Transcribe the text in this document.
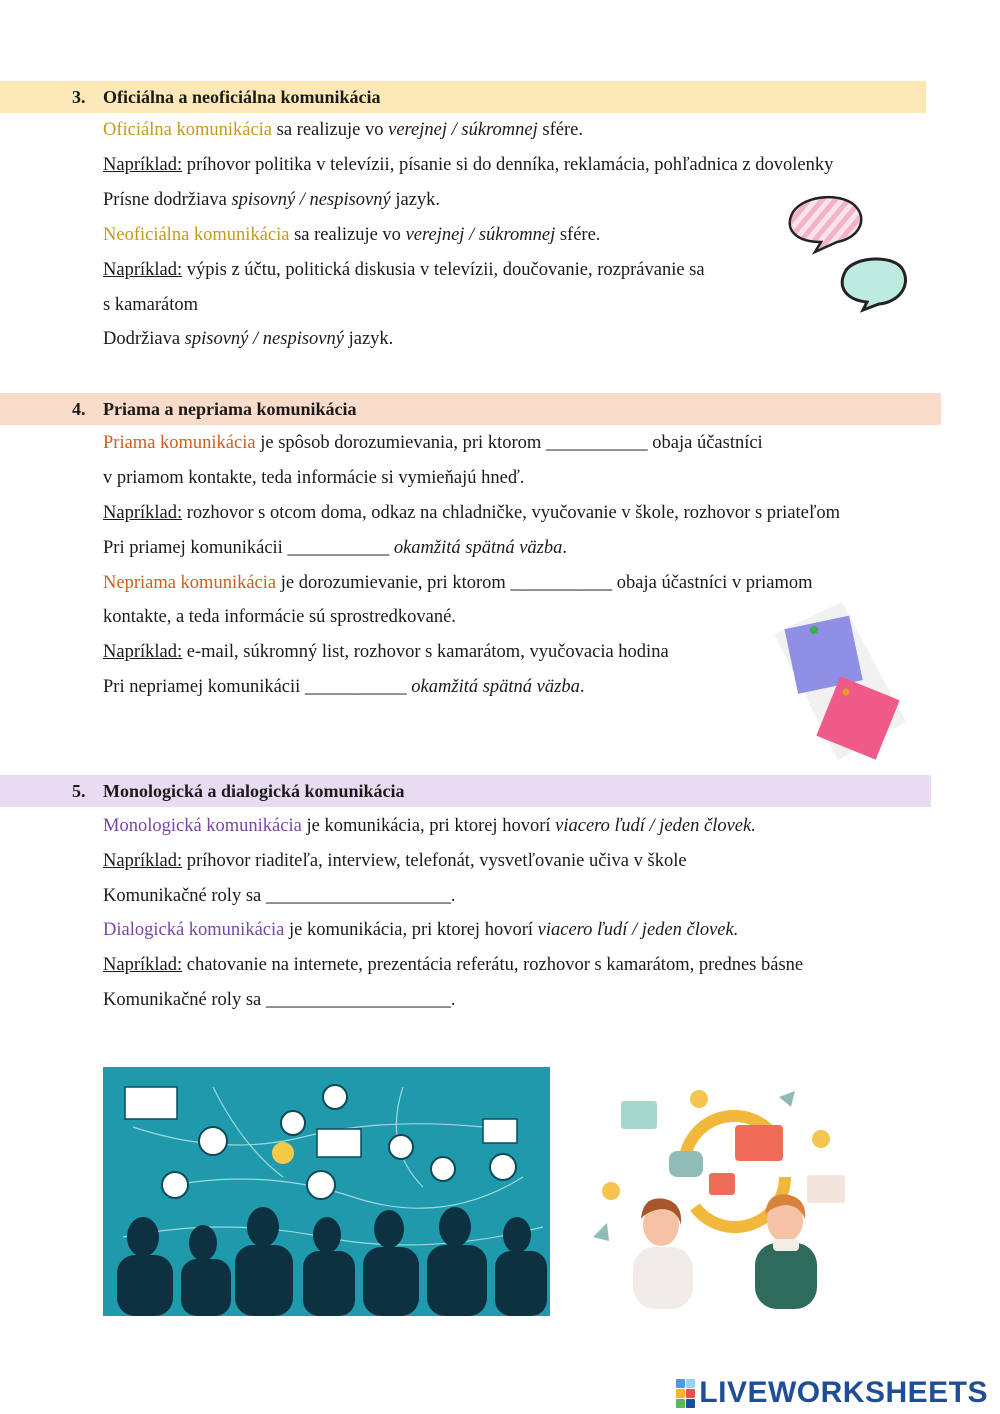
3. Oficiálna a neoficiálna komunikácia
Oficiálna komunikácia sa realizuje vo verejnej / súkromnej sfére.
Napríklad: príhovor politika v televízii, písanie si do denníka, reklamácia, pohľadnica z dovolenky
Prísne dodržiava spisovný / nespisovný jazyk.
Neoficiálna komunikácia sa realizuje vo verejnej / súkromnej sfére.
Napríklad: výpis z účtu, politická diskusia v televízii, doučovanie, rozprávanie sa
s kamarátom
Dodržiava spisovný / nespisovný jazyk.
4. Priama a nepriama komunikácia
Priama komunikácia je spôsob dorozumievania, pri ktorom ___________ obaja účastníci
v priamom kontakte, teda informácie si vymieňajú hneď.
Napríklad: rozhovor s otcom doma, odkaz na chladničke, vyučovanie v škole, rozhovor s priateľom
Pri priamej komunikácii ___________ okamžitá spätná väzba.
Nepriama komunikácia je dorozumievanie, pri ktorom ___________ obaja účastníci v priamom
kontakte, a teda informácie sú sprostredkované.
Napríklad: e-mail, súkromný list, rozhovor s kamarátom, vyučovacia hodina
Pri nepriamej komunikácii ___________ okamžitá spätná väzba.
5. Monologická a dialogická komunikácia
Monologická komunikácia je komunikácia, pri ktorej hovorí viacero ľudí / jeden človek.
Napríklad: príhovor riaditeľa, interview, telefonát, vysvetľovanie učiva v škole
Komunikačné roly sa ____________________.
Dialogická komunikácia je komunikácia, pri ktorej hovorí viacero ľudí / jeden človek.
Napríklad: chatovanie na internete, prezentácia referátu, rozhovor s kamarátom, prednes básne
Komunikačné roly sa ____________________.
LIVEWORKSHEETS
